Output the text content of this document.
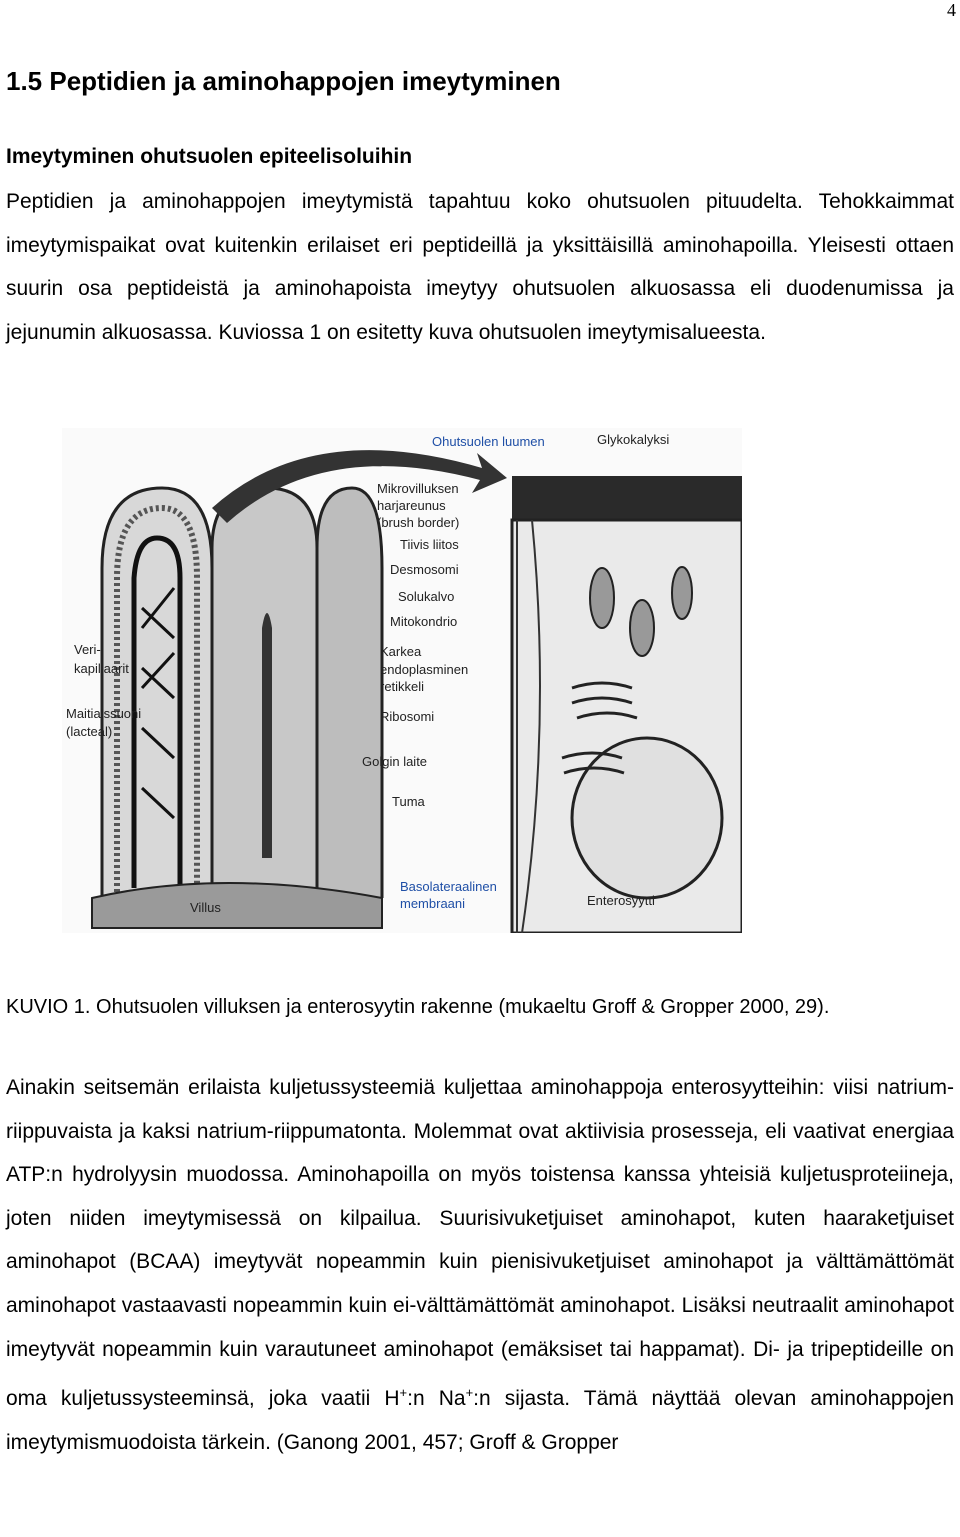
4
1.5 Peptidien ja aminohappojen imeytyminen
Imeytyminen ohutsuolen epiteelisoluihin

Peptidien ja aminohappojen imeytymistä tapahtuu koko ohutsuolen pituudelta. Tehokkaimmat imeytymispaikat ovat kuitenkin erilaiset eri peptideillä ja yksittäisillä aminohapoilla. Yleisesti ottaen suurin osa peptideistä ja aminohapoista imeytyy ohutsuolen alkuosassa eli duodenumissa ja jejunumin alkuosassa. Kuviossa 1 on esitetty kuva ohutsuolen imeytymisalueesta.

Ohutsuolen luumen	Glykokalyksi
Mikrovilluksen
harjareunus
(brush border)
Tiivis liitos
Desmosomi
Solukalvo
Mitokondrio
Karkea
endoplasminen
retikkeli
Ribosomi
Golgin laite
Tuma
Basolateraalinen
membraani	Enterosyytti
Veri-
kapillaarit
Maitiaissuoni
(lacteal)
Villus
KUVIO 1. Ohutsuolen villuksen ja enterosyytin rakenne (mukaeltu Groff & Gropper 2000, 29).

Ainakin seitsemän erilaista kuljetussysteemiä kuljettaa aminohappoja enterosyytteihin: viisi natrium-riippuvaista ja kaksi natrium-riippumatonta. Molemmat ovat aktiivisia prosesseja, eli vaativat energiaa ATP:n hydrolyysin muodossa. Aminohapoilla on myös toistensa kanssa yhteisiä kuljetusproteiineja, joten niiden imeytymisessä on kilpailua. Suurisivuketjuiset aminohapot, kuten haaraketjuiset aminohapot (BCAA) imeytyvät nopeammin kuin pienisivuketjuiset aminohapot ja välttämättömät aminohapot vastaavasti nopeammin kuin ei-välttämättömät aminohapot. Lisäksi neutraalit aminohapot imeytyvät nopeammin kuin varautuneet aminohapot (emäksiset tai happamat). Di- ja tripeptideille on oma kuljetussysteeminsä, joka vaatii H+:n Na+:n sijasta. Tämä näyttää olevan aminohappojen imeytymismuodoista tärkein. (Ganong 2001, 457; Groff & Gropper
